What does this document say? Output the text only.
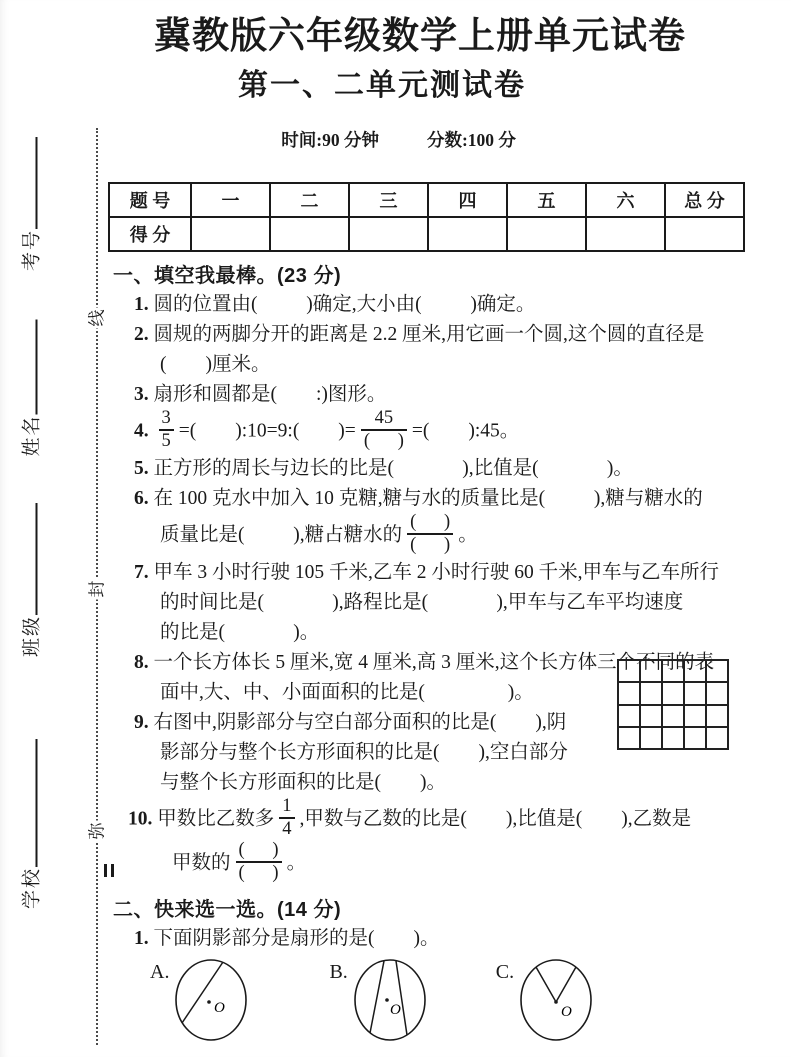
考号
姓名
班级
学校
线
封
弥
冀教版六年级数学上册单元试卷
第一、二单元测试卷

时间:90 分钟	分数:100 分

题 号	一	二	三	四	五	六	总 分
得 分							
一、填空我最棒。(23 分)
1. 圆的位置由(          )确定,大小由(          )确定。
2. 圆规的两脚分开的距离是 2.2 厘米,用它画一个圆,这个圆的直径是
(        )厘米。
3. 扇形和圆都是(        :)图形。
4. $\frac{3}{5}$ =(        ):10=9:(        )= $\frac{45}{( )}$ =(        ):45。
5. 正方形的周长与边长的比是(              ),比值是(              )。
6. 在 100 克水中加入 10 克糖,糖与水的质量比是(          ),糖与糖水的
质量比是(          ),糖占糖水的 $\frac{( )}{( )}$ 。
7. 甲车 3 小时行驶 105 千米,乙车 2 小时行驶 60 千米,甲车与乙车所行
的时间比是(              ),路程比是(              ),甲车与乙车平均速度
的比是(              )。
8. 一个长方体长 5 厘米,宽 4 厘米,高 3 厘米,这个长方体三个不同的表
面中,大、中、小面面积的比是(                 )。
9. 右图中,阴影部分与空白部分面积的比是(        ),阴
影部分与整个长方形面积的比是(        ),空白部分
与整个长方形面积的比是(        )。
10. 甲数比乙数多 $\frac{1}{4}$ ,甲数与乙数的比是(        ),比值是(        ),乙数是
甲数的 $\frac{( )}{( )}$ 。
二、快来选一选。(14 分)
1. 下面阴影部分是扇形的是(        )。
A.
O
B.
O
C.
O
